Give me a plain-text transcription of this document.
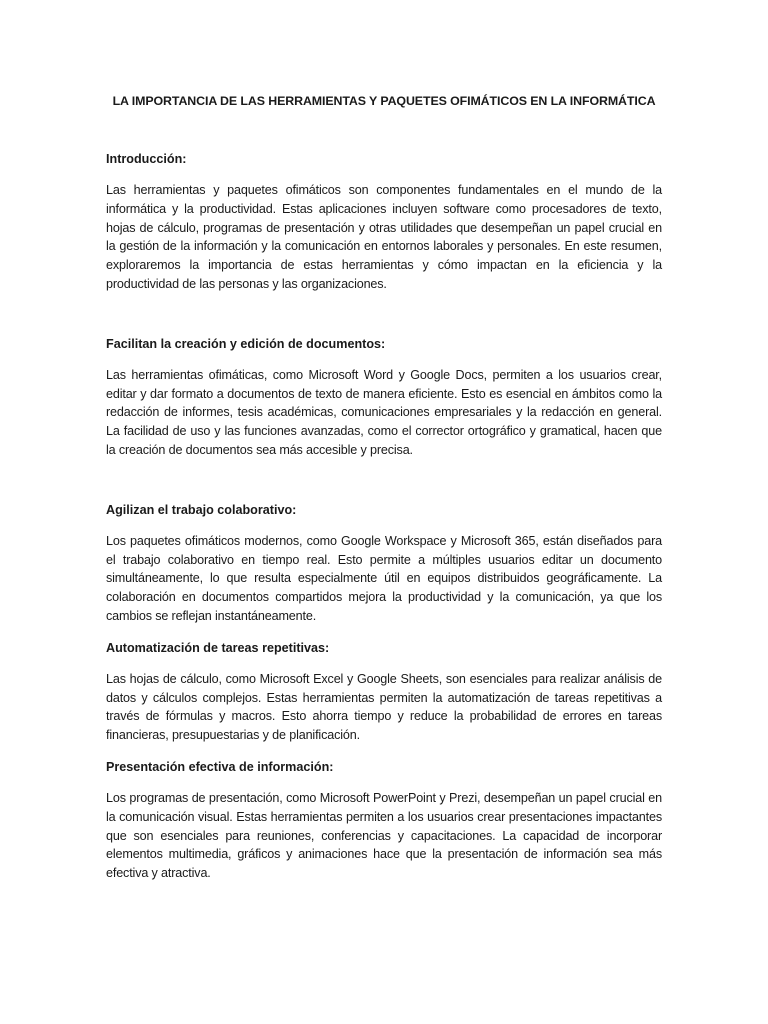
LA IMPORTANCIA DE LAS HERRAMIENTAS Y PAQUETES OFIMÁTICOS EN LA INFORMÁTICA
Introducción:

Las herramientas y paquetes ofimáticos son componentes fundamentales en el mundo de la informática y la productividad. Estas aplicaciones incluyen software como procesadores de texto, hojas de cálculo, programas de presentación y otras utilidades que desempeñan un papel crucial en la gestión de la información y la comunicación en entornos laborales y personales. En este resumen, exploraremos la importancia de estas herramientas y cómo impactan en la eficiencia y la productividad de las personas y las organizaciones.

Facilitan la creación y edición de documentos:

Las herramientas ofimáticas, como Microsoft Word y Google Docs, permiten a los usuarios crear, editar y dar formato a documentos de texto de manera eficiente. Esto es esencial en ámbitos como la redacción de informes, tesis académicas, comunicaciones empresariales y la redacción en general. La facilidad de uso y las funciones avanzadas, como el corrector ortográfico y gramatical, hacen que la creación de documentos sea más accesible y precisa.

Agilizan el trabajo colaborativo:

Los paquetes ofimáticos modernos, como Google Workspace y Microsoft 365, están diseñados para el trabajo colaborativo en tiempo real. Esto permite a múltiples usuarios editar un documento simultáneamente, lo que resulta especialmente útil en equipos distribuidos geográficamente. La colaboración en documentos compartidos mejora la productividad y la comunicación, ya que los cambios se reflejan instantáneamente.

Automatización de tareas repetitivas:

Las hojas de cálculo, como Microsoft Excel y Google Sheets, son esenciales para realizar análisis de datos y cálculos complejos. Estas herramientas permiten la automatización de tareas repetitivas a través de fórmulas y macros. Esto ahorra tiempo y reduce la probabilidad de errores en tareas financieras, presupuestarias y de planificación.

Presentación efectiva de información:

Los programas de presentación, como Microsoft PowerPoint y Prezi, desempeñan un papel crucial en la comunicación visual. Estas herramientas permiten a los usuarios crear presentaciones impactantes que son esenciales para reuniones, conferencias y capacitaciones. La capacidad de incorporar elementos multimedia, gráficos y animaciones hace que la presentación de información sea más efectiva y atractiva.
